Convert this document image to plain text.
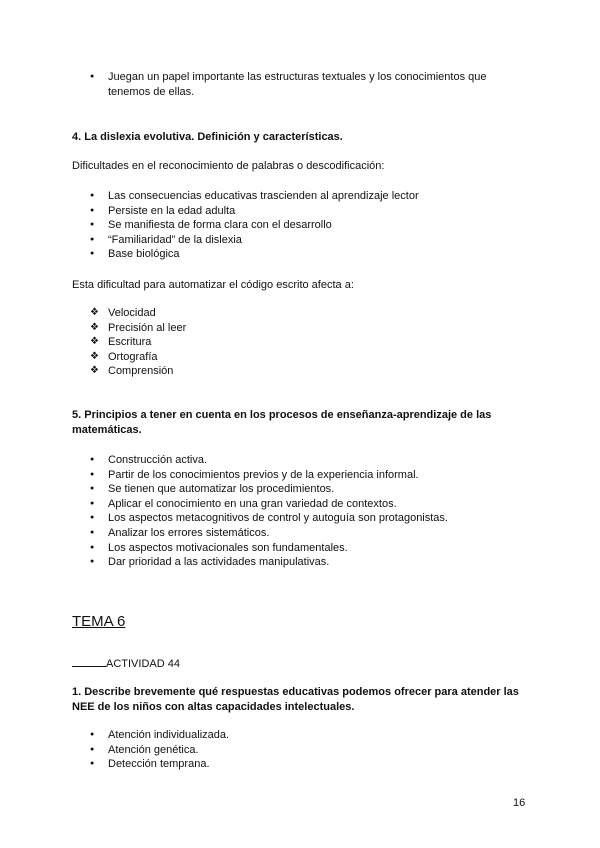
● Juegan un papel importante las estructuras textuales y los conocimientos que
tenemos de ellas.

4. La dislexia evolutiva. Definición y características.

Dificultades en el reconocimiento de palabras o descodificación:

● Las consecuencias educativas trascienden al aprendizaje lector
● Persiste en la edad adulta
● Se manifiesta de forma clara con el desarrollo
● “Familiaridad” de la dislexia
● Base biológica

Esta dificultad para automatizar el código escrito afecta a:

❖ Velocidad
❖ Precisión al leer
❖ Escritura
❖ Ortografía
❖ Comprensión

5. Principios a tener en cuenta en los procesos de enseñanza-aprendizaje de las
matemáticas.

● Construcción activa.
● Partir de los conocimientos previos y de la experiencia informal.
● Se tienen que automatizar los procedimientos.
● Aplicar el conocimiento en una gran variedad de contextos.
● Los aspectos metacognitivos de control y autoguía son protagonistas.
● Analizar los errores sistemáticos.
● Los aspectos motivacionales son fundamentales.
● Dar prioridad a las actividades manipulativas.

TEMA 6

ACTIVIDAD 44

1. Describe brevemente qué respuestas educativas podemos ofrecer para atender las
NEE de los niños con altas capacidades intelectuales.

● Atención individualizada.
● Atención genética.
● Detección temprana.
16
